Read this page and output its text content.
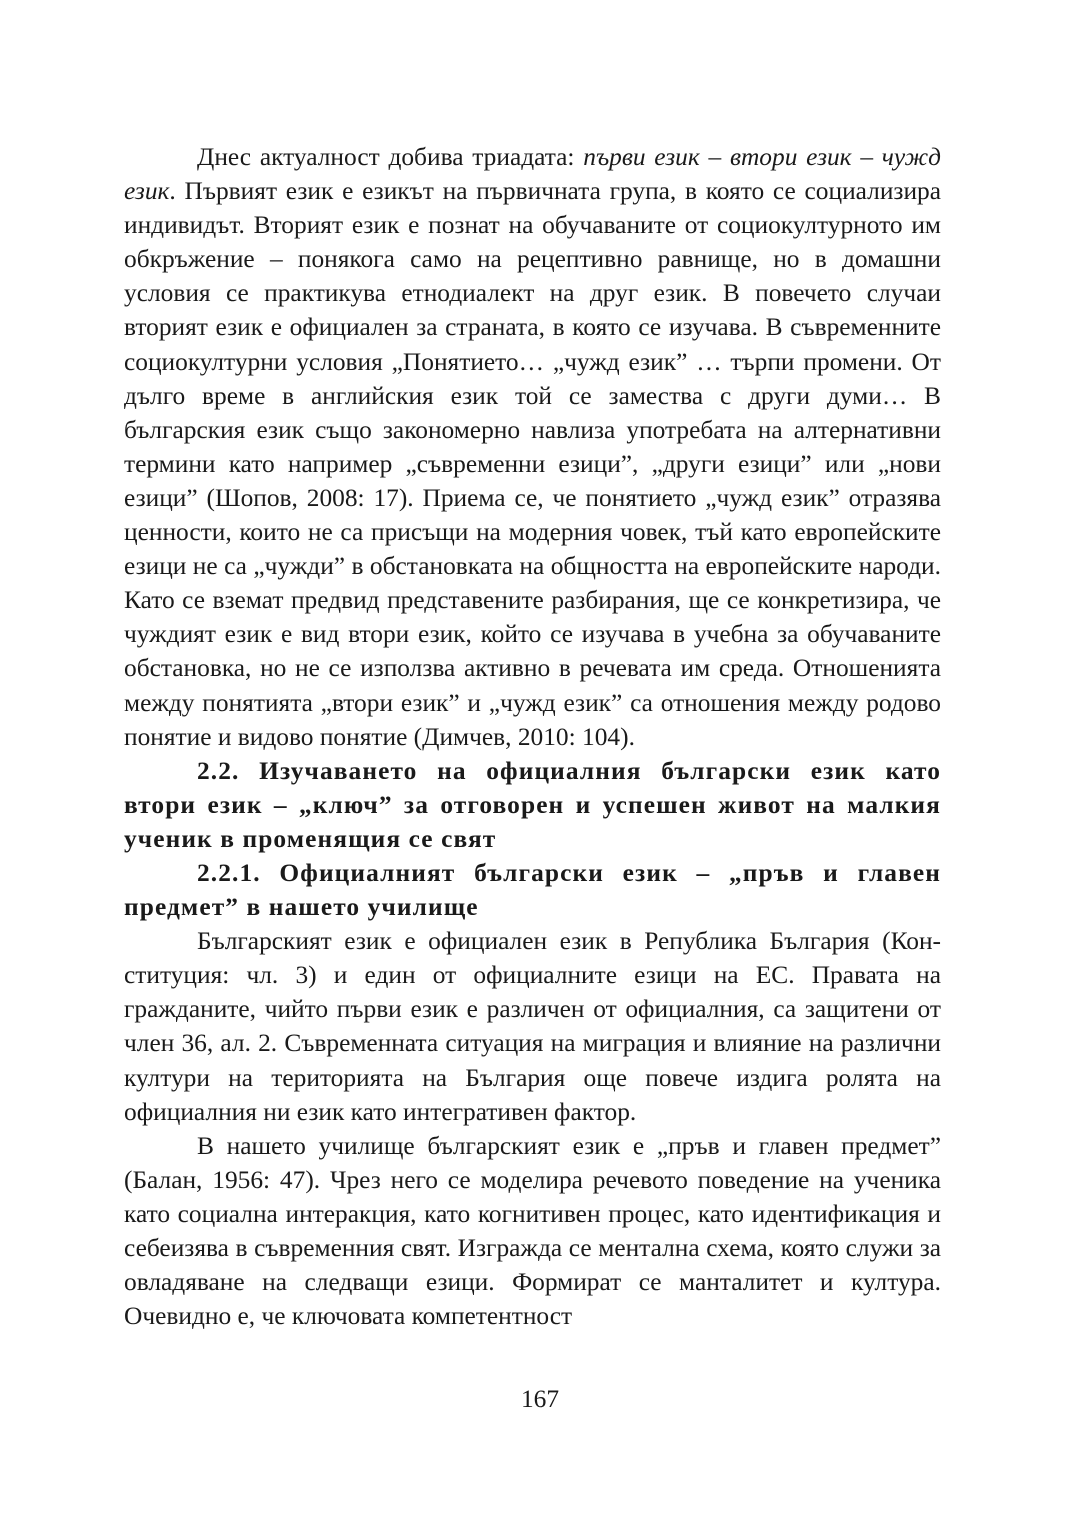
Днес актуалност добива триадата: първи език – втори език – чужд език. Първият език е езикът на първичната група, в която се социализира индивидът. Вторият език е познат на обучаваните от социокултурното им обкръжение – понякога само на рецептивно равнище, но в домашни условия се практикува етнодиалект на друг език. В повечето случаи вторият език е официален за страната, в която се изучава. В съвременните социокултурни условия „Понятието… „чужд език” … търпи промени. От дълго време в английския език той се замества с други думи… В българския език също закономерно навлиза употребата на алтернативни термини като например „съвременни езици”, „други езици” или „нови езици” (Шопов, 2008: 17). Приема се, че понятието „чужд език” отразява ценности, които не са присъщи на модерния човек, тъй като европейските езици не са „чужди” в обстановката на общността на европейските народи. Като се вземат предвид представените разбирания, ще се конкретизира, че чуждият език е вид втори език, който се изучава в учебна за обучаваните обстановка, но не се използва активно в речевата им среда. Отношенията между понятията „втори език” и „чужд език” са отношения между родово понятие и видово понятие (Димчев, 2010: 104).

2.2. Изучаването на официалния български език като втори език – „ключ” за отговорен и успешен живот на малкия ученик в променящия се свят

2.2.1. Официалният български език – „пръв и главен предмет” в нашето училище

Българският език е официален език в Република България (Конституция: чл. 3) и един от официалните езици на ЕС. Правата на гражданите, чийто първи език е различен от официалния, са защитени от член 36, ал. 2. Съвременната ситуация на миграция и влияние на различни култури на територията на България още повече издига ролята на официалния ни език като интегративен фактор.

В нашето училище българският език е „пръв и главен предмет” (Балан, 1956: 47). Чрез него се моделира речевото поведение на ученика като социална интеракция, като когнитивен процес, като идентификация и себеизява в съвременния свят. Изгражда се ментална схема, която служи за овладяване на следващи езици. Формират се манталитет и култура. Очевидно е, че ключовата компетентност

167
